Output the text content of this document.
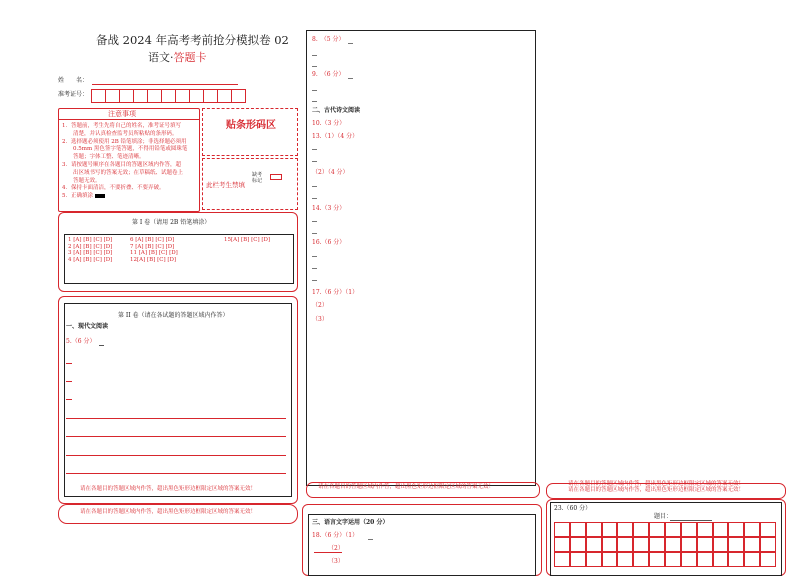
备战 2024 年高考考前抢分模拟卷 02
语文·答题卡
姓　　名：
准考证号：
注意事项
1．答题前，考生先将自己的姓名，准考证号填写
　　清楚，并认真检查监考员所粘贴的条形码。
2．选择题必须使用 2B 铅笔填涂；非选择题必须用
　　0.5mm 黑色签字笔答题，不得用铅笔或圆珠笔
　　答题；字体工整、笔迹清晰。
3．请按题号顺序在各题目的答题区域内作答，超
　　出区域书写的答案无效；在草稿纸、试题卷上
　　答题无效。
4．保持卡面清洁，不要折叠、不要弄破。
5．正确填涂
贴条形码区
此栏考生禁填
缺考标记
第 I 卷（请用 2B 铅笔填涂）
1 [A] [B] [C] [D]
2 [A] [B] [C] [D]
3 [A] [B] [C] [D]
4 [A] [B] [C] [D]
6 [A] [B] [C] [D]
7 [A] [B] [C] [D]
11 [A] [B] [C] [D]
12[A] [B] [C] [D]
15[A] [B] [C] [D]
第 II 卷（请在各试题的答题区域内作答）
一、现代文阅读
5.（6 分）
请在各题目的答题区域内作答，超出黑色矩形边框限定区域的答案无效！
请在各题目的答题区域内作答，超出黑色矩形边框限定区域的答案无效！
8.　（5 分）
9.　（6 分）
二、古代诗文阅读
10.（3 分）
13.（1）（4 分）
（2）（4 分）
14.（3 分）
16.（6 分）
17.（6 分）（1）
（2）
（3）
请在各题目的答题区域内作答，超出黑色矩形边框限定区域的答案无效！
三、语言文字运用（20 分）
18.（6 分）（1）
（2）
（3）
请在各题目的答题区域内作答，超出黑色矩形边框限定区域的答案无效！
请在各题目的答题区域内作答，超出黑色矩形边框限定区域的答案无效！
23.（60 分）
题目：
